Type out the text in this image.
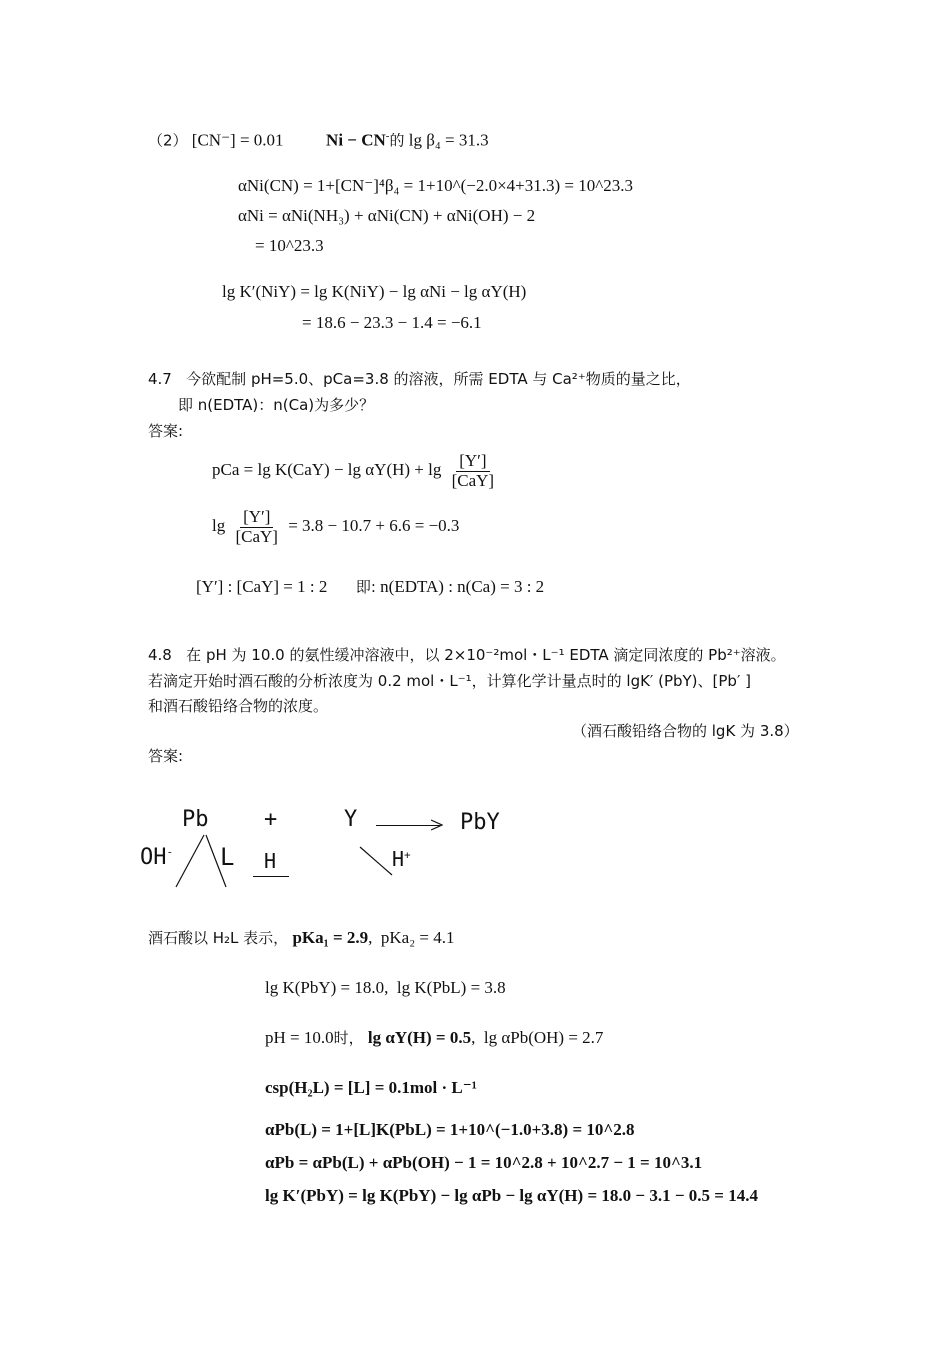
（2） [CN⁻] = 0.01	Ni − CN-的 lg β₄ = 31.3
αNi(CN) = 1+[CN⁻]⁴β₄ = 1+10^(−2.0×4+31.3) = 10^23.3
αNi = αNi(NH₃) + αNi(CN) + αNi(OH) − 2
= 10^23.3
lg K′(NiY) = lg K(NiY) − lg αNi − lg αY(H)
= 18.6 − 23.3 − 1.4 = −6.1
4.7 今欲配制 pH=5.0、pCa=3.8 的溶液，所需 EDTA 与 Ca²⁺物质的量之比，
即 n(EDTA)：n(Ca)为多少？
答案:
pCa = $\lg K(CaY) - \lg \alpha Y(H) + \lg \frac{[Y']}{\text{[CaY]}}$
$\lg \frac{[Y']}{\text{[CaY]}} = 3.8 - 10.7 + 6.6 = -0.3$
[Y′] : [CaY] = 1 : 2 即: n(EDTA) : n(Ca) = 3 : 2
4.8 在 pH 为 10.0 的氨性缓冲溶液中，以 2×10⁻²mol・L⁻¹ EDTA 滴定同浓度的 Pb²⁺溶液。
若滴定开始时酒石酸的分析浓度为 0.2 mol・L⁻¹，计算化学计量点时的 lgK′ (PbY)、[Pb′ ]
和酒石酸铅络合物的浓度。
（酒石酸铅络合物的 lgK 为 3.8）
答案:
Pb	+	Y	PbY
OH- L H	H+
酒石酸以 H₂L 表示， pKa₁ = 2.9,  pKa₂ = 4.1
lg K(PbY) = 18.0,  lg K(PbL) = 3.8
pH = 10.0时， lg αY(H) = 0.5,  lg αPb(OH) = 2.7
csp(H₂L) = [L] = 0.1mol · L⁻¹
αPb(L) = 1+[L]K(PbL) = 1+10^(−1.0+3.8) = 10^2.8
αPb = αPb(L) + αPb(OH) − 1 = 10^2.8 + 10^2.7 − 1 = 10^3.1
lg K′(PbY) = lg K(PbY) − lg αPb − lg αY(H) = 18.0 − 3.1 − 0.5 = 14.4
